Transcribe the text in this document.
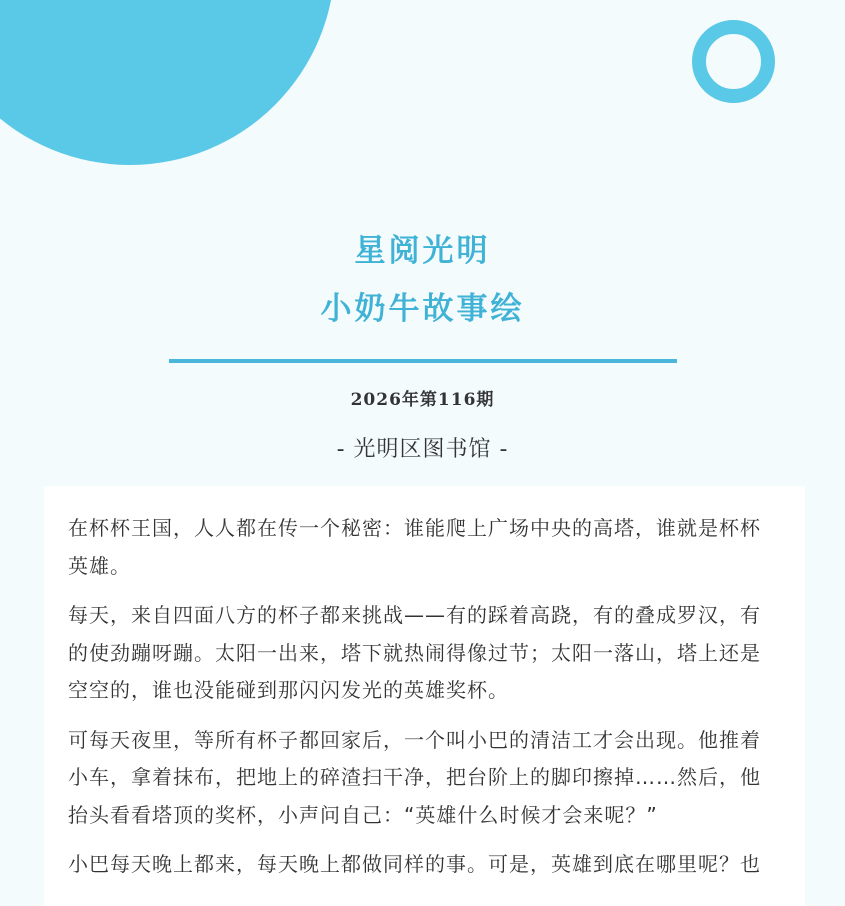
星阅光明
小奶牛故事绘
2026年第116期
- 光明区图书馆 -

在杯杯王国，人人都在传一个秘密：谁能爬上广场中央的高塔，谁就是杯杯英雄。

每天，来自四面八方的杯子都来挑战——有的踩着高跷，有的叠成罗汉，有的使劲蹦呀蹦。太阳一出来，塔下就热闹得像过节；太阳一落山，塔上还是空空的，谁也没能碰到那闪闪发光的英雄奖杯。

可每天夜里，等所有杯子都回家后，一个叫小巴的清洁工才会出现。他推着小车，拿着抹布，把地上的碎渣扫干净，把台阶上的脚印擦掉……然后，他抬头看看塔顶的奖杯，小声问自己：“英雄什么时候才会来呢？”

小巴每天晚上都来，每天晚上都做同样的事。可是，英雄到底在哪里呢？也
